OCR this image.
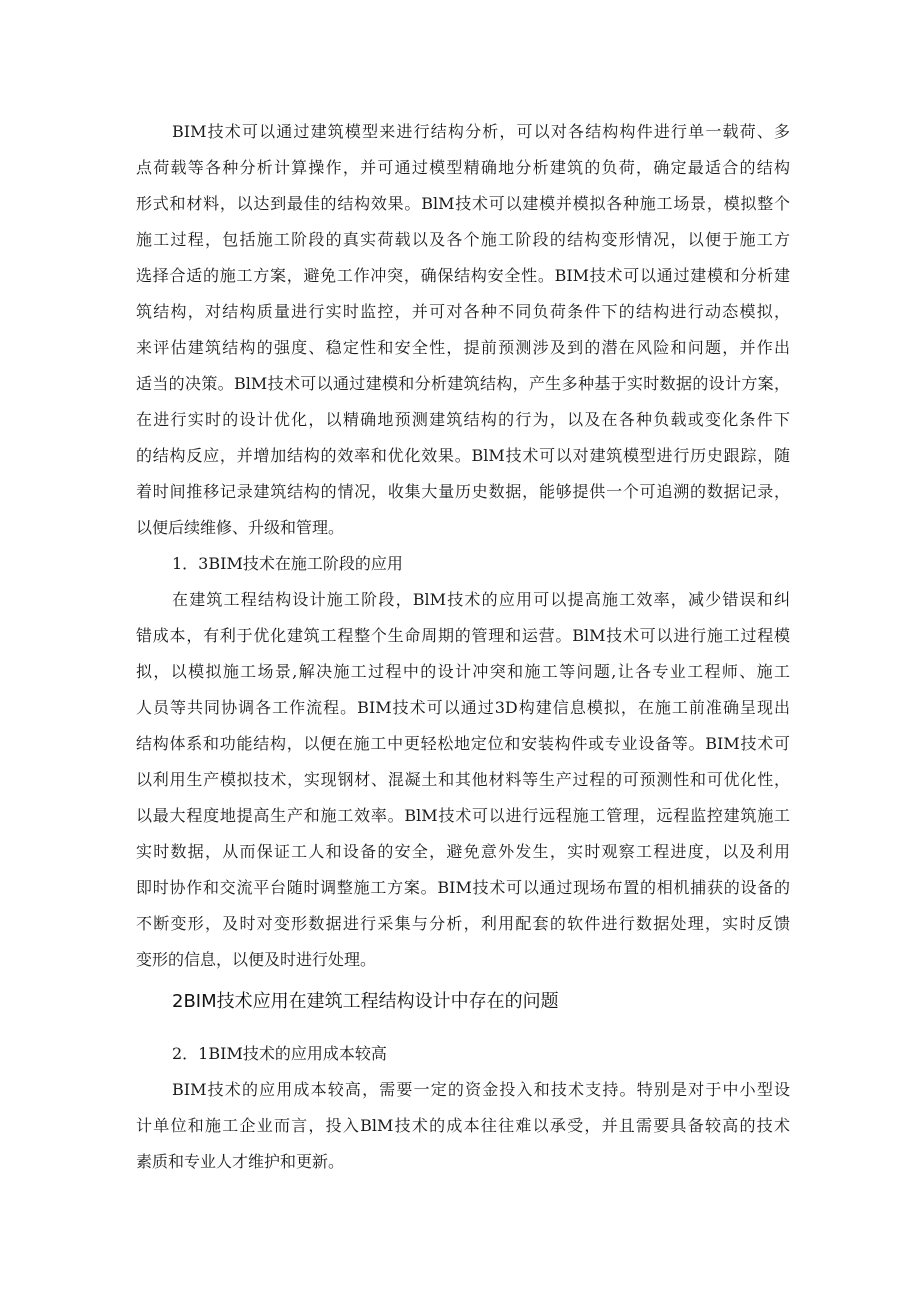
BIM技术可以通过建筑模型来进行结构分析，可以对各结构构件进行单一载荷、多
点荷载等各种分析计算操作，并可通过模型精确地分析建筑的负荷，确定最适合的结构
形式和材料，以达到最佳的结构效果。BlM技术可以建模并模拟各种施工场景，模拟整个
施工过程，包括施工阶段的真实荷载以及各个施工阶段的结构变形情况，以便于施工方
选择合适的施工方案，避免工作冲突，确保结构安全性。BIM技术可以通过建模和分析建
筑结构，对结构质量进行实时监控，并可对各种不同负荷条件下的结构进行动态模拟，
来评估建筑结构的强度、稳定性和安全性，提前预测涉及到的潜在风险和问题，并作出
适当的决策。BlM技术可以通过建模和分析建筑结构，产生多种基于实时数据的设计方案，
在进行实时的设计优化，以精确地预测建筑结构的行为，以及在各种负载或变化条件下
的结构反应，并增加结构的效率和优化效果。BlM技术可以对建筑模型进行历史跟踪，随
着时间推移记录建筑结构的情况，收集大量历史数据，能够提供一个可追溯的数据记录，
以便后续维修、升级和管理。
1．3BIM技术在施工阶段的应用
在建筑工程结构设计施工阶段，BlM技术的应用可以提高施工效率，减少错误和纠
错成本，有利于优化建筑工程整个生命周期的管理和运营。BlM技术可以进行施工过程模
拟，以模拟施工场景,解决施工过程中的设计冲突和施工等问题,让各专业工程师、施工
人员等共同协调各工作流程。BIM技术可以通过3D构建信息模拟，在施工前准确呈现出
结构体系和功能结构，以便在施工中更轻松地定位和安装构件或专业设备等。BIM技术可
以利用生产模拟技术，实现钢材、混凝土和其他材料等生产过程的可预测性和可优化性，
以最大程度地提高生产和施工效率。BlM技术可以进行远程施工管理，远程监控建筑施工
实时数据，从而保证工人和设备的安全，避免意外发生，实时观察工程进度，以及利用
即时协作和交流平台随时调整施工方案。BIM技术可以通过现场布置的相机捕获的设备的
不断变形，及时对变形数据进行采集与分析，利用配套的软件进行数据处理，实时反馈
变形的信息，以便及时进行处理。
2BIM技术应用在建筑工程结构设计中存在的问题
2．1BIM技术的应用成本较高
BIM技术的应用成本较高，需要一定的资金投入和技术支持。特别是对于中小型设
计单位和施工企业而言，投入BlM技术的成本往往难以承受，并且需要具备较高的技术
素质和专业人才维护和更新。
